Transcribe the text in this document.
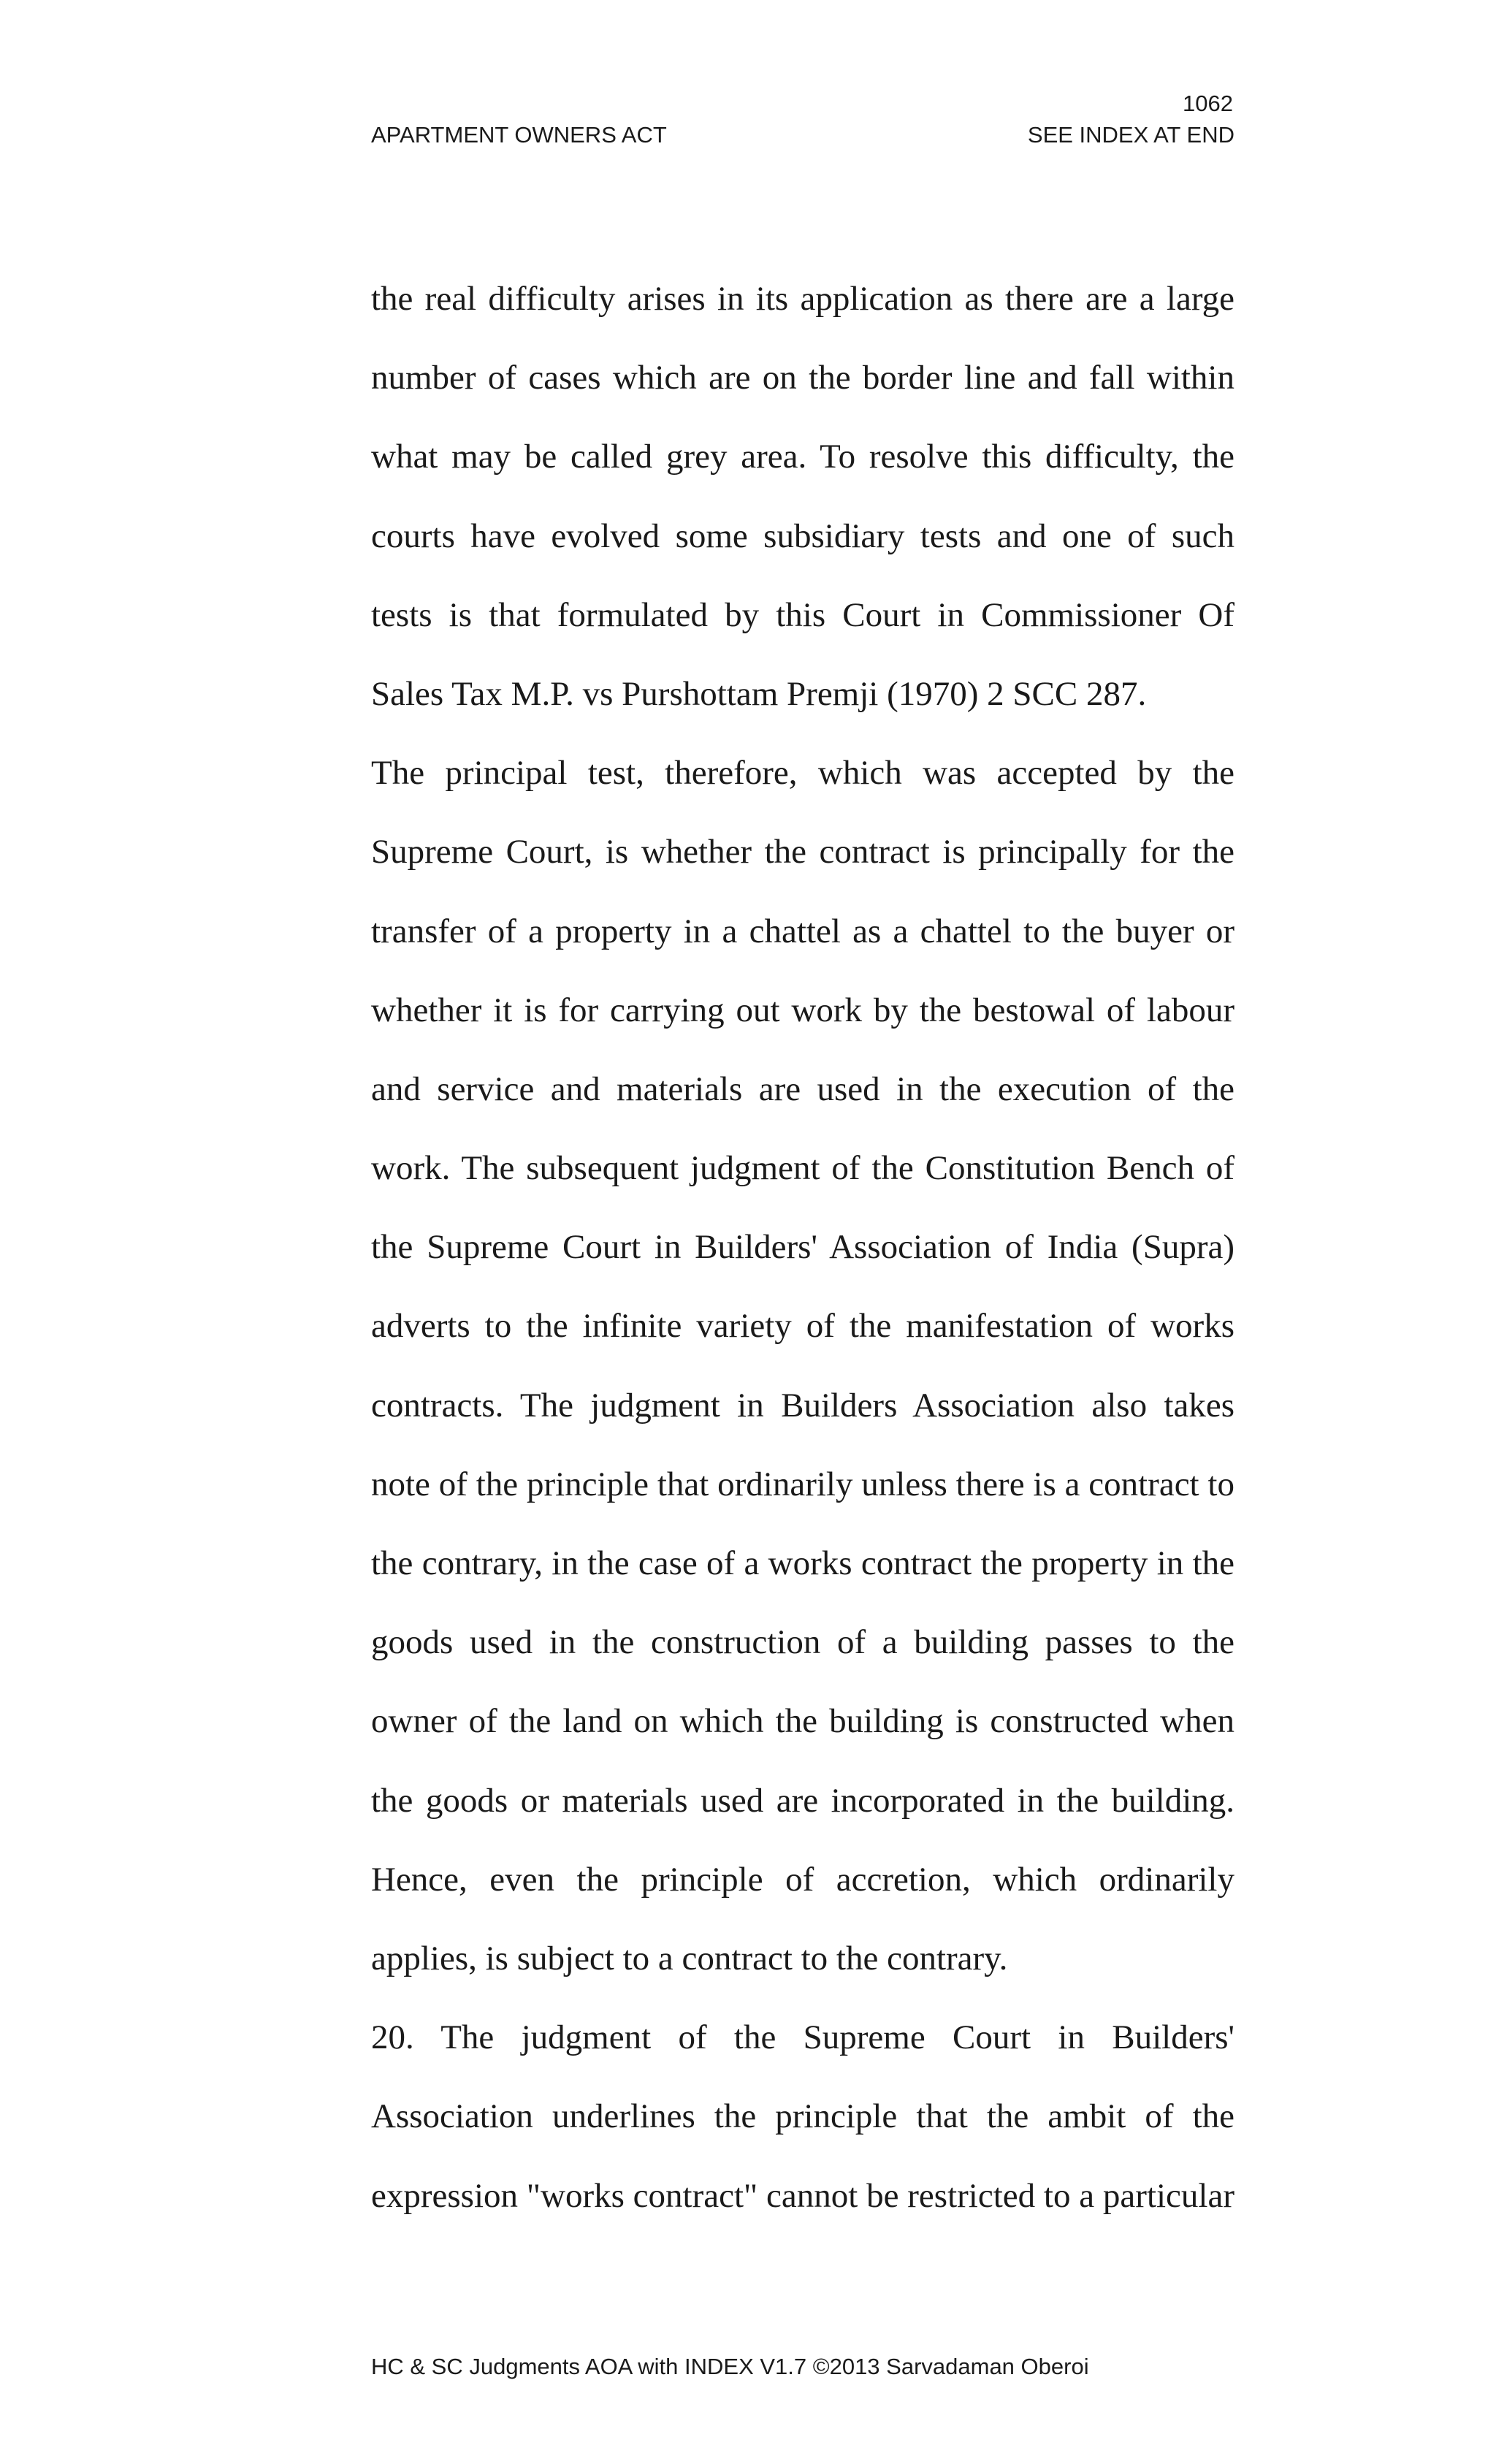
1062
APARTMENT OWNERS ACT	SEE INDEX AT END
the real difficulty arises in its application as there are a large
number of cases which are on the border line and fall within
what may be called grey area. To resolve this difficulty, the
courts have evolved some subsidiary tests and one of such
tests is that formulated by this Court in Commissioner Of
Sales Tax M.P. vs Purshottam Premji (1970) 2 SCC 287.
The principal test, therefore, which was accepted by the
Supreme Court, is whether the contract is principally for the
transfer of a property in a chattel as a chattel to the buyer or
whether it is for carrying out work by the bestowal of labour
and service and materials are used in the execution of the
work. The subsequent judgment of the Constitution Bench of
the Supreme Court in Builders' Association of India (Supra)
adverts to the infinite variety of the manifestation of works
contracts. The judgment in Builders Association also takes
note of the principle that ordinarily unless there is a contract to
the contrary, in the case of a works contract the property in the
goods used in the construction of a building passes to the
owner of the land on which the building is constructed when
the goods or materials used are incorporated in the building.
Hence, even the principle of accretion, which ordinarily
applies, is subject to a contract to the contrary.
20. The judgment of the Supreme Court in Builders'
Association underlines the principle that the ambit of the
expression "works contract" cannot be restricted to a particular
HC & SC Judgments AOA with INDEX V1.7 ©2013 Sarvadaman Oberoi
